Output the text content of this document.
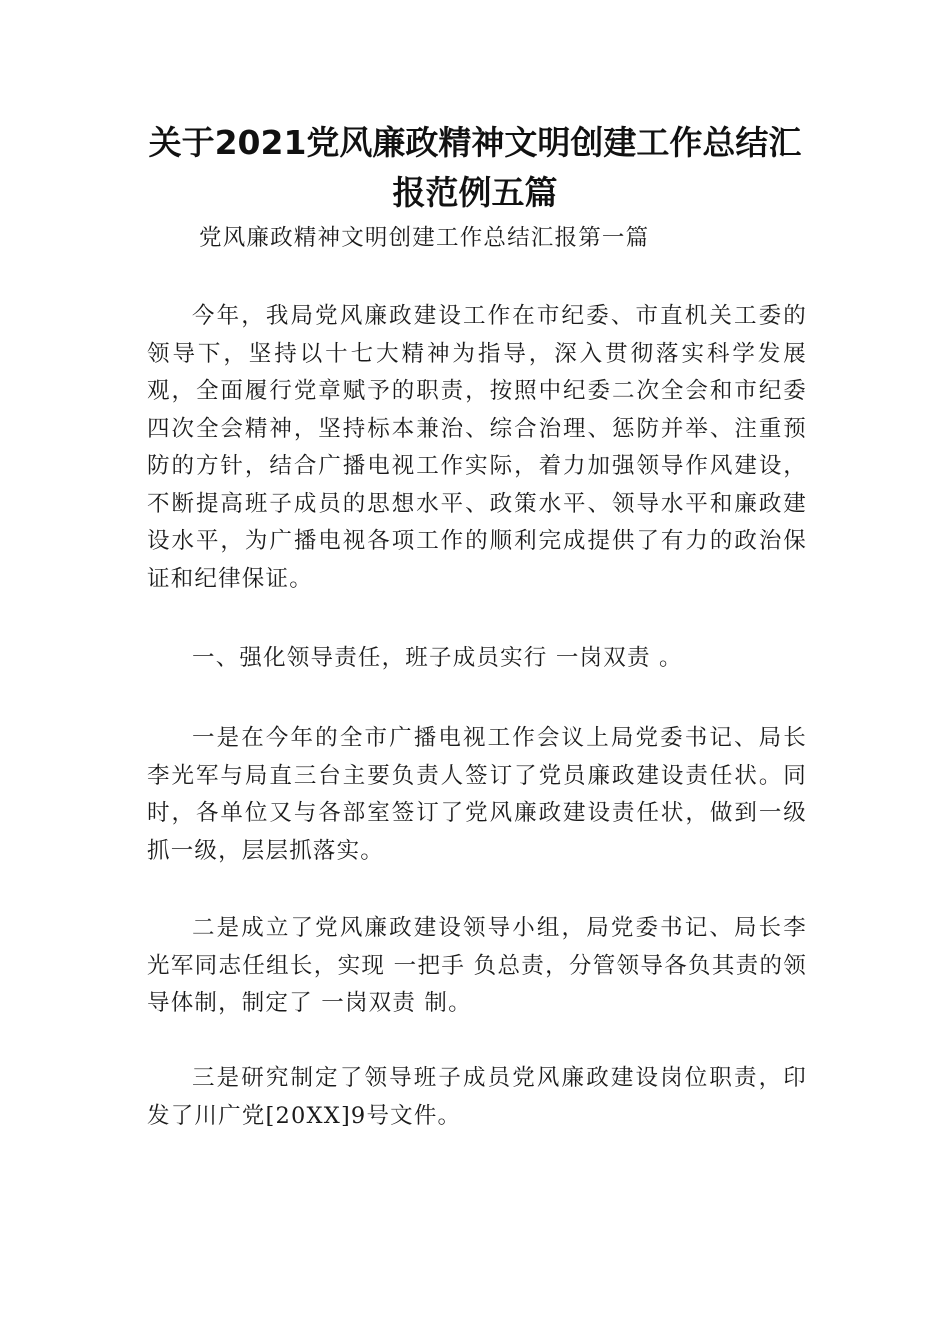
关于2021党风廉政精神文明创建工作总结汇报范例五篇

党风廉政精神文明创建工作总结汇报第一篇

今年，我局党风廉政建设工作在市纪委、市直机关工委的领导下，坚持以十七大精神为指导，深入贯彻落实科学发展观，全面履行党章赋予的职责，按照中纪委二次全会和市纪委四次全会精神，坚持标本兼治、综合治理、惩防并举、注重预防的方针，结合广播电视工作实际，着力加强领导作风建设，不断提高班子成员的思想水平、政策水平、领导水平和廉政建设水平，为广播电视各项工作的顺利完成提供了有力的政治保证和纪律保证。

一、强化领导责任，班子成员实行 一岗双责 。

一是在今年的全市广播电视工作会议上局党委书记、局长李光军与局直三台主要负责人签订了党员廉政建设责任状。同时，各单位又与各部室签订了党风廉政建设责任状，做到一级抓一级，层层抓落实。

二是成立了党风廉政建设领导小组，局党委书记、局长李光军同志任组长，实现 一把手 负总责，分管领导各负其责的领导体制，制定了 一岗双责 制。

三是研究制定了领导班子成员党风廉政建设岗位职责，印发了川广党[20XX]9号文件。
